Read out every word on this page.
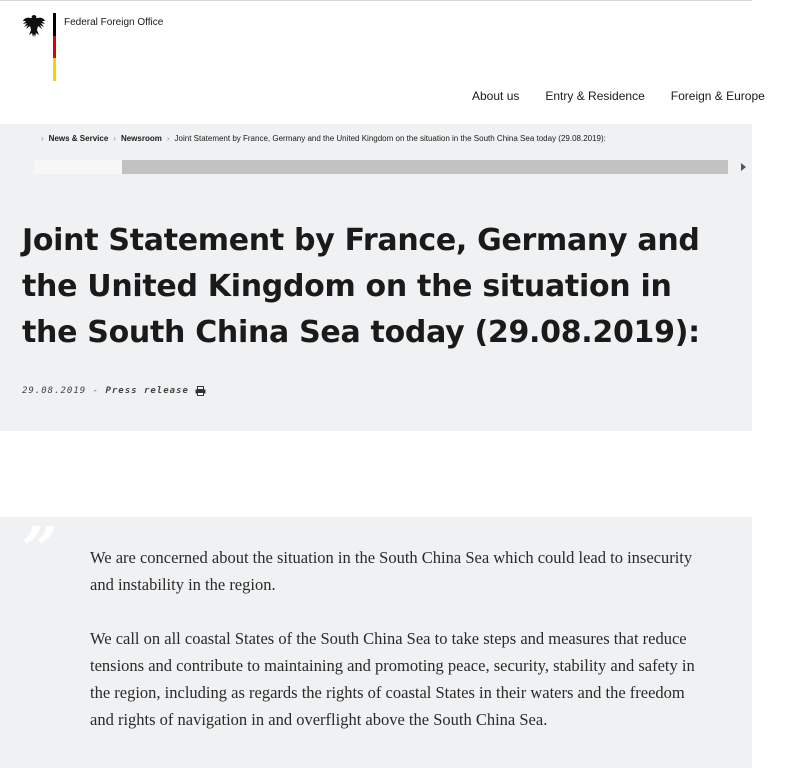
Federal Foreign Office
About us Entry & Residence Foreign & Europe
› News & Service › Newsroom › Joint Statement by France, Germany and the United Kingdom on the situation in the South China Sea today (29.08.2019):
Joint Statement by France, Germany and the United Kingdom on the situation in the South China Sea today (29.08.2019):
29.08.2019 - Press release
” We are concerned about the situation in the South China Sea which could lead to insecurity and instability in the region.

We call on all coastal States of the South China Sea to take steps and measures that reduce tensions and contribute to maintaining and promoting peace, security, stability and safety in the region, including as regards the rights of coastal States in their waters and the freedom and rights of navigation in and overflight above the South China Sea.
